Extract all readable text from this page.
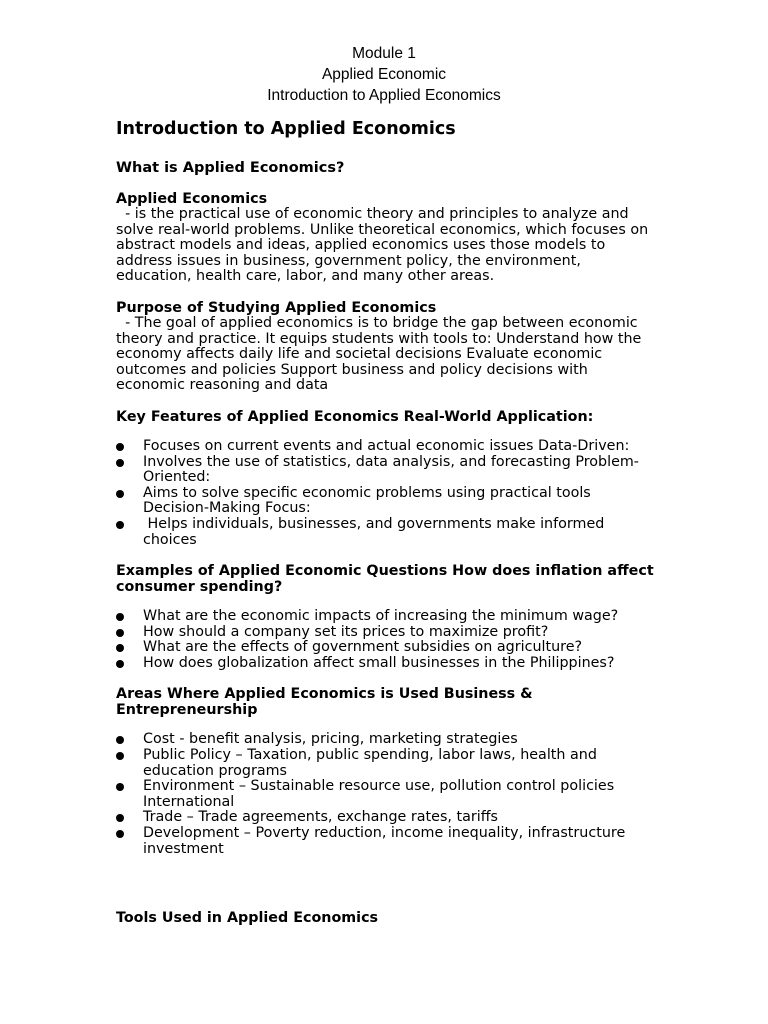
Module 1
Applied Economic
Introduction to Applied Economics
Introduction to Applied Economics
What is Applied Economics?
Applied Economics
- is the practical use of economic theory and principles to analyze and
solve real-world problems. Unlike theoretical economics, which focuses on
abstract models and ideas, applied economics uses those models to
address issues in business, government policy, the environment,
education, health care, labor, and many other areas.
Purpose of Studying Applied Economics
- The goal of applied economics is to bridge the gap between economic
theory and practice. It equips students with tools to: Understand how the
economy affects daily life and societal decisions Evaluate economic
outcomes and policies Support business and policy decisions with
economic reasoning and data
Key Features of Applied Economics Real-World Application:
Focuses on current events and actual economic issues Data-Driven:
Involves the use of statistics, data analysis, and forecasting Problem-
Oriented:
Aims to solve specific economic problems using practical tools
Decision-Making Focus:
Helps individuals, businesses, and governments make informed
choices
Examples of Applied Economic Questions How does inflation affect
consumer spending?
What are the economic impacts of increasing the minimum wage?
How should a company set its prices to maximize profit?
What are the effects of government subsidies on agriculture?
How does globalization affect small businesses in the Philippines?
Areas Where Applied Economics is Used Business &
Entrepreneurship
Cost - benefit analysis, pricing, marketing strategies
Public Policy – Taxation, public spending, labor laws, health and
education programs
Environment – Sustainable resource use, pollution control policies
International
Trade – Trade agreements, exchange rates, tariffs
Development – Poverty reduction, income inequality, infrastructure
investment
Tools Used in Applied Economics
